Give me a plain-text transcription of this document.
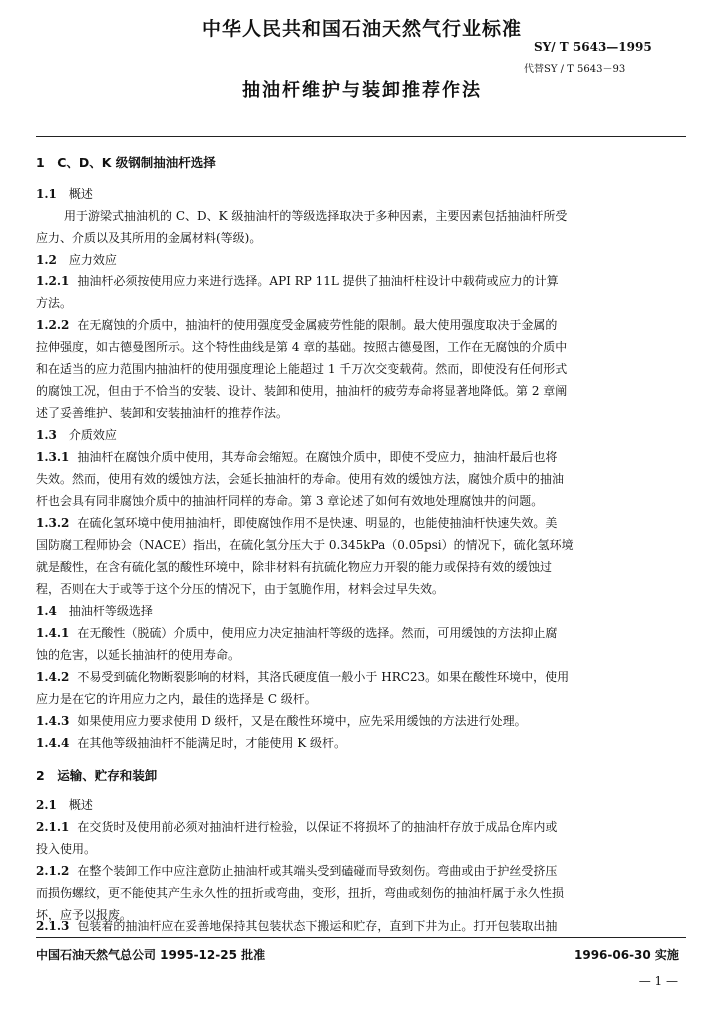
中华人民共和国石油天然气行业标准
SY/ T 5643—1995
代替SY / T 5643－93
抽油杆维护与装卸推荐作法
1　C、D、K 级钢制抽油杆选择
1.1 概述
用于游梁式抽油机的 C、D、K 级抽油杆的等级选择取决于多种因素，主要因素包括抽油杆所受
应力、介质以及其所用的金属材料(等级)。
1.2 应力效应
1.2.1 抽油杆必须按使用应力来进行选择。API RP 11L 提供了抽油杆柱设计中载荷或应力的计算
方法。
1.2.2 在无腐蚀的介质中，抽油杆的使用强度受金属疲劳性能的限制。最大使用强度取决于金属的
拉伸强度，如古德曼图所示。这个特性曲线是第 4 章的基础。按照古德曼图，工作在无腐蚀的介质中
和在适当的应力范围内抽油杆的使用强度理论上能超过 1 千万次交变载荷。然而，即使没有任何形式
的腐蚀工况，但由于不恰当的安装、设计、装卸和使用，抽油杆的疲劳寿命将显著地降低。第 2 章阐
述了妥善维护、装卸和安装抽油杆的推荐作法。
1.3 介质效应
1.3.1 抽油杆在腐蚀介质中使用，其寿命会缩短。在腐蚀介质中，即使不受应力，抽油杆最后也将
失效。然而，使用有效的缓蚀方法，会延长抽油杆的寿命。使用有效的缓蚀方法，腐蚀介质中的抽油
杆也会具有同非腐蚀介质中的抽油杆同样的寿命。第 3 章论述了如何有效地处理腐蚀井的问题。
1.3.2 在硫化氢环境中使用抽油杆，即使腐蚀作用不是快速、明显的，也能使抽油杆快速失效。美
国防腐工程师协会（NACE）指出，在硫化氢分压大于 0.345kPa（0.05psi）的情况下，硫化氢环境
就是酸性，在含有硫化氢的酸性环境中，除非材料有抗硫化物应力开裂的能力或保持有效的缓蚀过
程，否则在大于或等于这个分压的情况下，由于氢脆作用，材料会过早失效。
1.4 抽油杆等级选择
1.4.1 在无酸性（脱硫）介质中，使用应力决定抽油杆等级的选择。然而，可用缓蚀的方法抑止腐
蚀的危害，以延长抽油杆的使用寿命。
1.4.2 不易受到硫化物断裂影响的材料，其洛氏硬度值一般小于 HRC23。如果在酸性环境中，使用
应力是在它的许用应力之内，最佳的选择是 C 级杆。
1.4.3 如果使用应力要求使用 D 级杆，又是在酸性环境中，应先采用缓蚀的方法进行处理。
1.4.4 在其他等级抽油杆不能满足时，才能使用 K 级杆。
2　运输、贮存和装卸
2.1 概述
2.1.1 在交货时及使用前必须对抽油杆进行检验，以保证不将损坏了的抽油杆存放于成品仓库内或
投入使用。
2.1.2 在整个装卸工作中应注意防止抽油杆或其端头受到磕碰而导致刻伤。弯曲或由于护丝受挤压
而损伤螺纹，更不能使其产生永久性的扭折或弯曲，变形，扭折，弯曲或刻伤的抽油杆属于永久性损
坏，应予以报废。
2.1.3 包装着的抽油杆应在妥善地保持其包装状态下搬运和贮存，直到下井为止。打开包装取出抽
中国石油天然气总公司 1995-12-25 批准	1996-06-30 实施
— 1 —
